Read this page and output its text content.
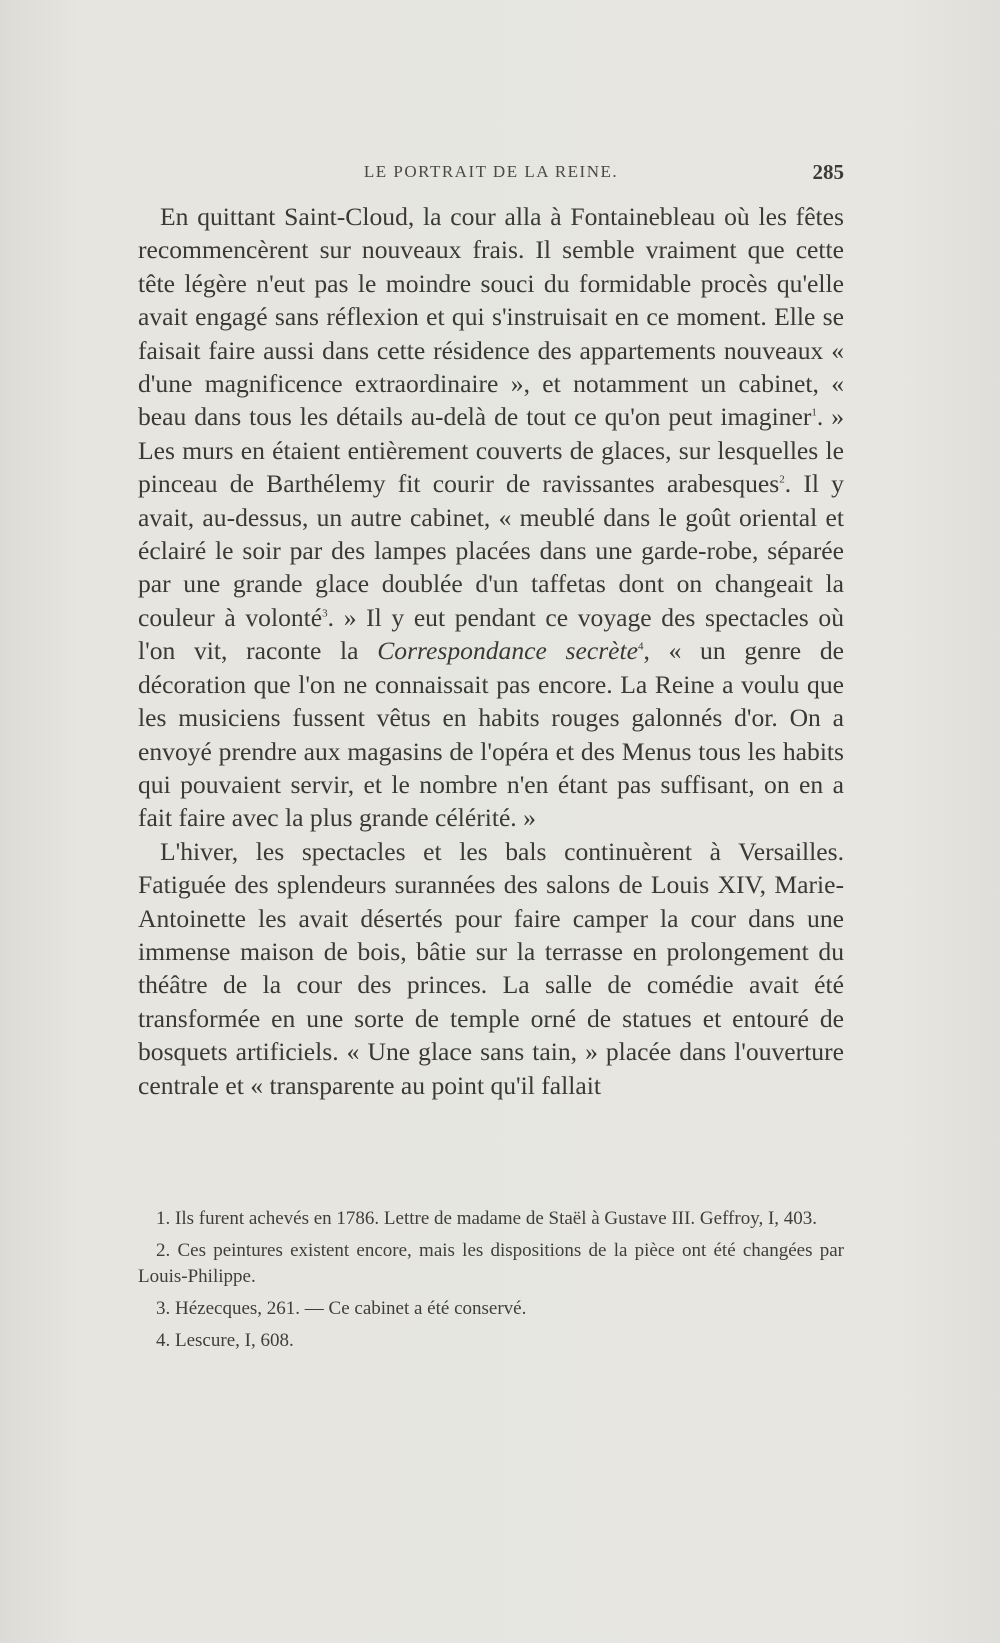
LE PORTRAIT DE LA REINE.	285

En quittant Saint-Cloud, la cour alla à Fontainebleau où les fêtes recommencèrent sur nouveaux frais. Il semble vraiment que cette tête légère n'eut pas le moindre souci du formidable procès qu'elle avait engagé sans réflexion et qui s'instruisait en ce moment. Elle se faisait faire aussi dans cette résidence des appartements nouveaux « d'une magnificence extraordinaire », et notamment un cabinet, « beau dans tous les détails au-delà de tout ce qu'on peut imaginer$^1$. » Les murs en étaient entièrement couverts de glaces, sur lesquelles le pinceau de Barthélemy fit courir de ravissantes arabesques$^2$. Il y avait, au-dessus, un autre cabinet, « meublé dans le goût oriental et éclairé le soir par des lampes placées dans une garde-robe, séparée par une grande glace doublée d'un taffetas dont on changeait la couleur à volonté$^3$. » Il y eut pendant ce voyage des spectacles où l'on vit, raconte la Correspondance secrète$^4$, « un genre de décoration que l'on ne connaissait pas encore. La Reine a voulu que les musiciens fussent vêtus en habits rouges galonnés d'or. On a envoyé prendre aux magasins de l'opéra et des Menus tous les habits qui pouvaient servir, et le nombre n'en étant pas suffisant, on en a fait faire avec la plus grande célérité. »

L'hiver, les spectacles et les bals continuèrent à Versailles. Fatiguée des splendeurs surannées des salons de Louis XIV, Marie-Antoinette les avait désertés pour faire camper la cour dans une immense maison de bois, bâtie sur la terrasse en prolongement du théâtre de la cour des princes. La salle de comédie avait été transformée en une sorte de temple orné de statues et entouré de bosquets artificiels. « Une glace sans tain, » placée dans l'ouverture centrale et « transparente au point qu'il fallait

1. Ils furent achevés en 1786. Lettre de madame de Staël à Gustave III. Geffroy, I, 403.

2. Ces peintures existent encore, mais les dispositions de la pièce ont été changées par Louis-Philippe.

3. Hézecques, 261. — Ce cabinet a été conservé.

4. Lescure, I, 608.
